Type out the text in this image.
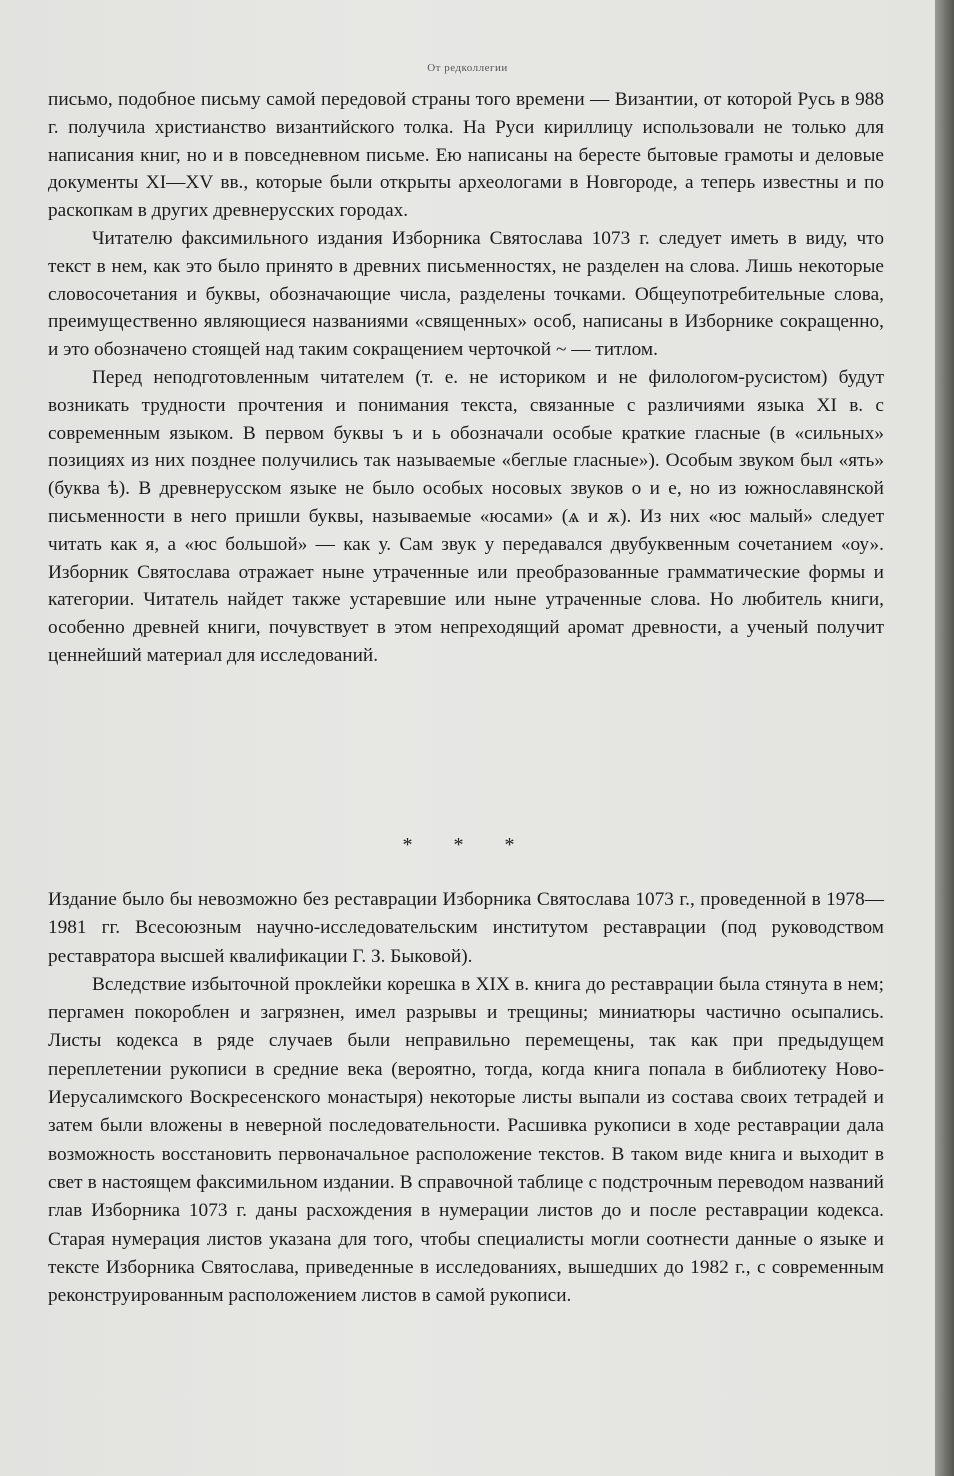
От редколлегии

письмо, подобное письму самой передовой страны того времени — Византии, от которой Русь в 988 г. получила христианство византийского толка. На Руси кириллицу использовали не только для написания книг, но и в повседневном письме. Ею написаны на бересте бытовые грамоты и деловые документы XI—XV вв., которые были открыты археологами в Новгороде, а теперь известны и по раскопкам в других древнерусских городах.

Читателю факсимильного издания Изборника Святослава 1073 г. следует иметь в виду, что текст в нем, как это было принято в древних письменностях, не разделен на слова. Лишь некоторые словосочетания и буквы, обозначающие числа, разделены точками. Общеупотребительные слова, преимущественно являющиеся названиями «священных» особ, написаны в Изборнике сокращенно, и это обозначено стоящей над таким сокращением черточкой ~ — титлом.

Перед неподготовленным читателем (т. е. не историком и не филологом-русистом) будут возникать трудности прочтения и понимания текста, связанные с различиями языка XI в. с современным языком. В первом буквы ъ и ь обозначали особые краткие гласные (в «сильных» позициях из них позднее получились так называемые «беглые гласные»). Особым звуком был «ять» (буква ѣ). В древнерусском языке не было особых носовых звуков о и е, но из южнославянской письменности в него пришли буквы, называемые «юсами» (ѧ и ѫ). Из них «юс малый» следует читать как я, а «юс большой» — как у. Сам звук у передавался двубуквенным сочетанием «оу». Изборник Святослава отражает ныне утраченные или преобразованные грамматические формы и категории. Читатель найдет также устаревшие или ныне утраченные слова. Но любитель книги, особенно древней книги, почувствует в этом непреходящий аромат древности, а ученый получит ценнейший материал для исследований.

* * *

Издание было бы невозможно без реставрации Изборника Святослава 1073 г., проведенной в 1978—1981 гг. Всесоюзным научно-исследовательским институтом реставрации (под руководством реставратора высшей квалификации Г. З. Быковой).

Вследствие избыточной проклейки корешка в XIX в. книга до реставрации была стянута в нем; пергамен покороблен и загрязнен, имел разрывы и трещины; миниатюры частично осыпались. Листы кодекса в ряде случаев были неправильно перемещены, так как при предыдущем переплетении рукописи в средние века (вероятно, тогда, когда книга попала в библиотеку Ново-Иерусалимского Воскресенского монастыря) некоторые листы выпали из состава своих тетрадей и затем были вложены в неверной последовательности. Расшивка рукописи в ходе реставрации дала возможность восстановить первоначальное расположение текстов. В таком виде книга и выходит в свет в настоящем факсимильном издании. В справочной таблице с подстрочным переводом названий глав Изборника 1073 г. даны расхождения в нумерации листов до и после реставрации кодекса. Старая нумерация листов указана для того, чтобы специалисты могли соотнести данные о языке и тексте Изборника Святослава, приведенные в исследованиях, вышедших до 1982 г., с современным реконструированным расположением листов в самой рукописи.
